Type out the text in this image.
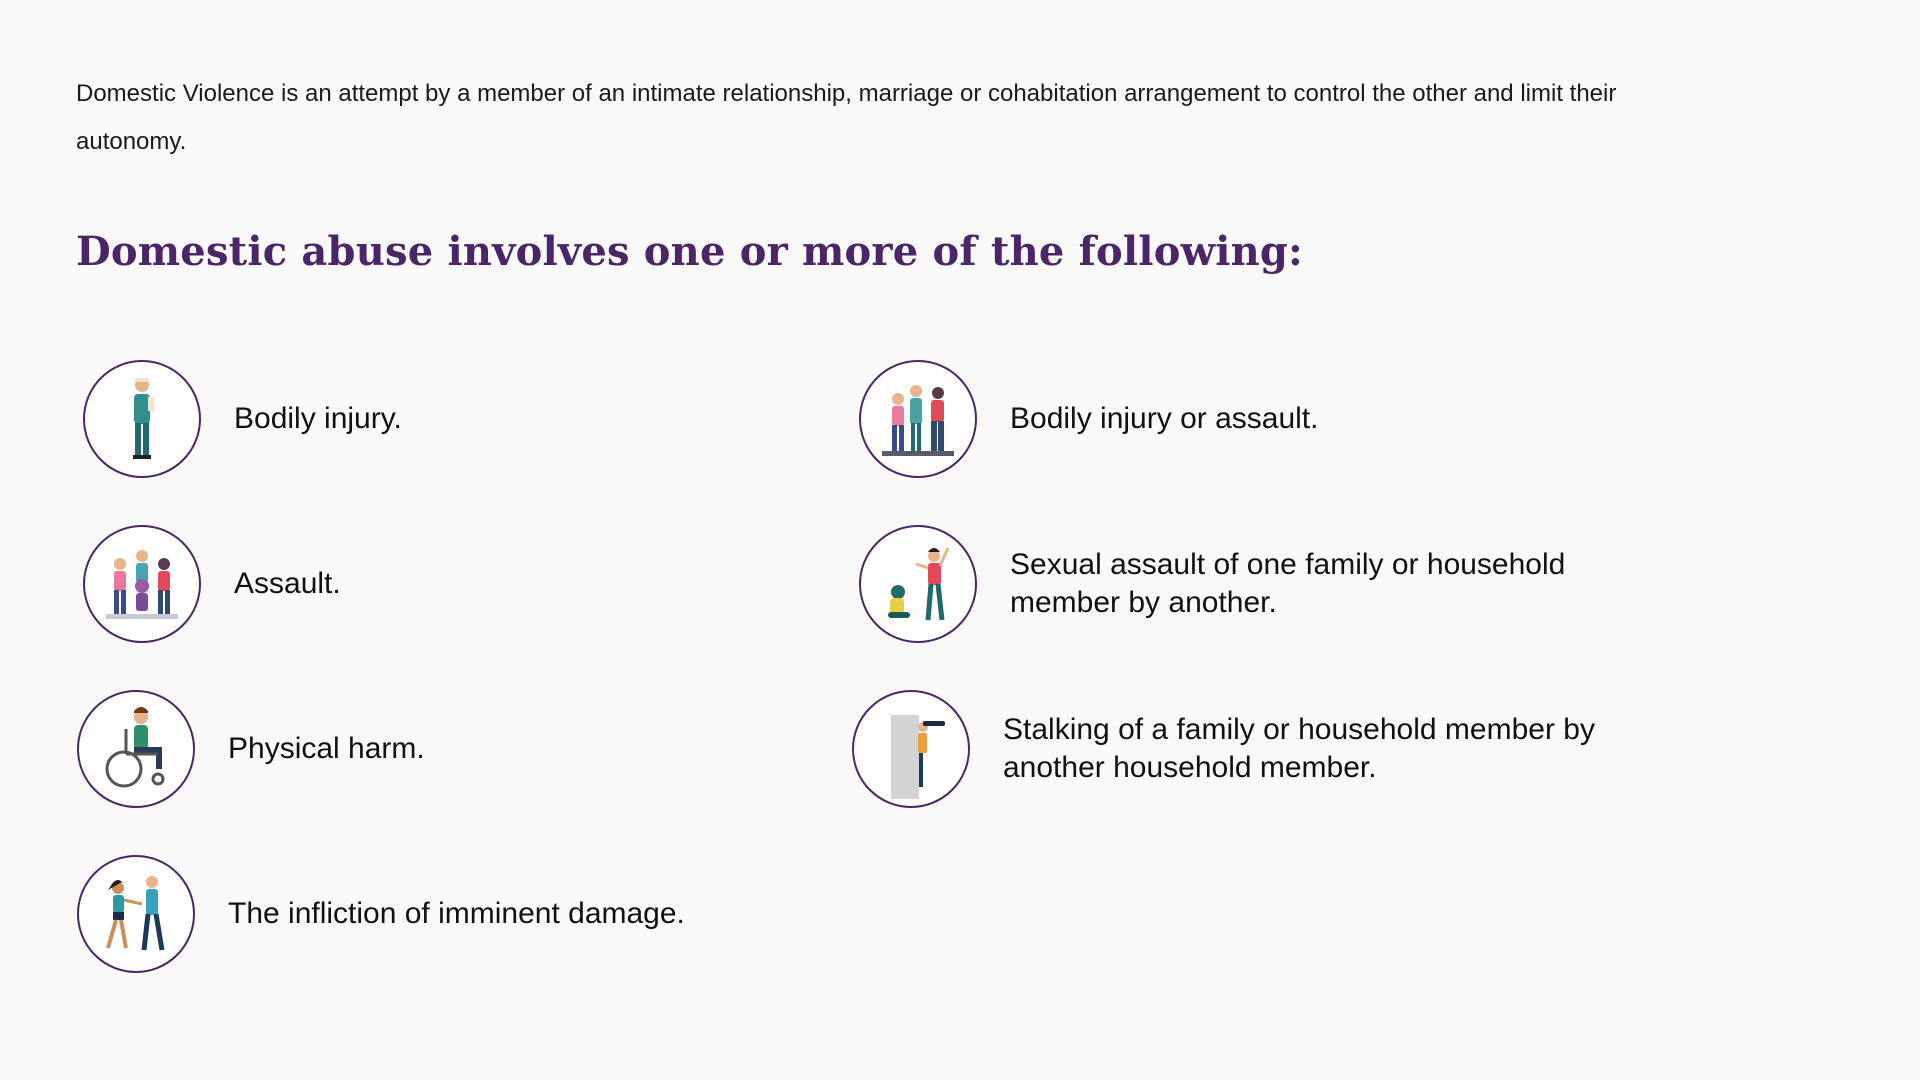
Domestic Violence is an attempt by a member of an intimate relationship, marriage or cohabitation arrangement to control the other and limit their autonomy.

Domestic abuse involves one or more of the following:
Bodily injury.
Assault.
Physical harm.
The infliction of imminent damage.
Bodily injury or assault.
Sexual assault of one family or household member by another.
Stalking of a family or household member by another household member.
